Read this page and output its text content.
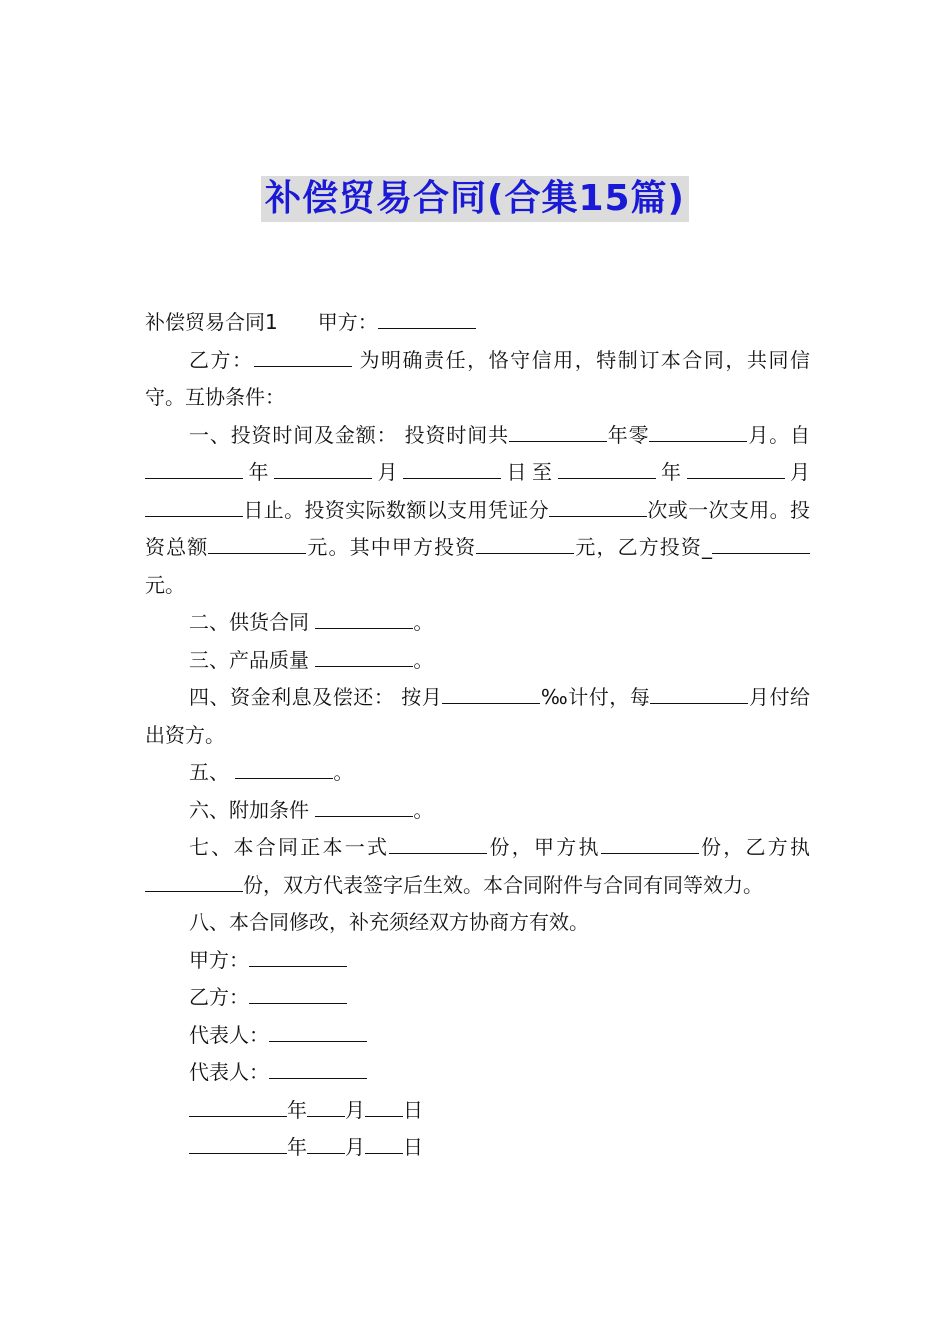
补偿贸易合同(合集15篇)

补偿贸易合同1 甲方：

乙方：	为明确责任，恪守信用，特制订本合同，共同信守。互协条件：

一、投资时间及金额： 投资时间共	年零	月。自年	月	日至	年	月日止。投资实际数额以支用凭证分	次或一次支用。投资总额	元。其中甲方投资	元，乙方投资_元。

二、供货合同	。

三、产品质量	。

四、资金利息及偿还： 按月	‰计付，每	月付给出资方。

五、	。

六、附加条件	。

七、本合同正本一式	份，甲方执	份，乙方执份，双方代表签字后生效。本合同附件与合同有同等效力。

八、本合同修改，补充须经双方协商方有效。

甲方：

乙方：

代表人：

代表人：

年 月 日

年 月 日
